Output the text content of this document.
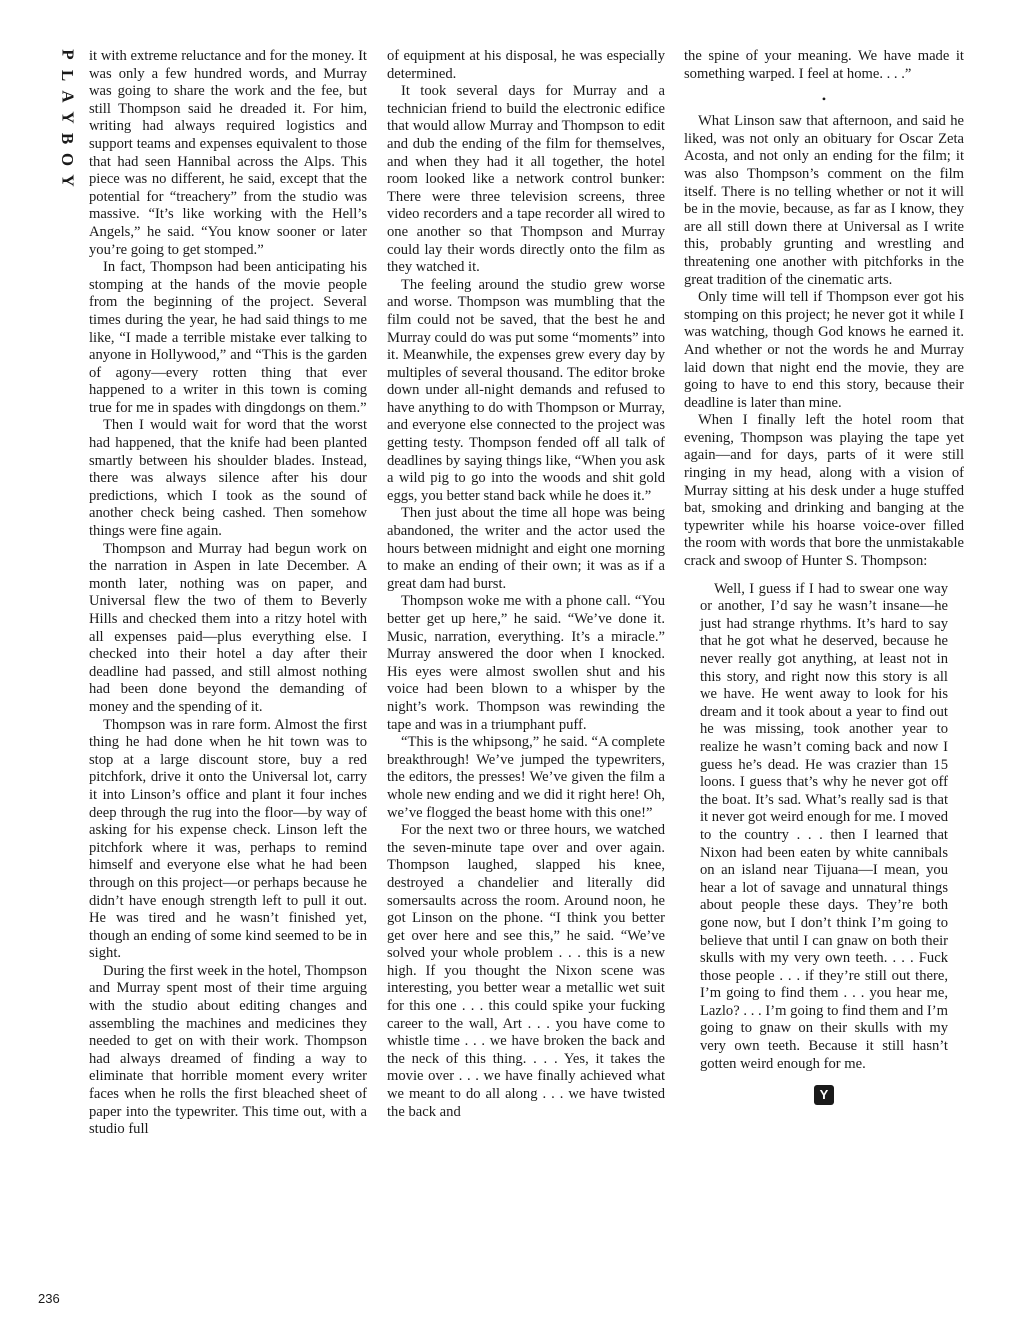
P
L
A
Y
B
O
Y
236

it with extreme reluctance and for the money. It was only a few hundred words, and Murray was going to share the work and the fee, but still Thompson said he dreaded it. For him, writing had always required logistics and support teams and expenses equivalent to those that had seen Hannibal across the Alps. This piece was no different, he said, except that the potential for “treachery” from the studio was massive. “It’s like working with the Hell’s Angels,” he said. “You know sooner or later you’re going to get stomped.”

In fact, Thompson had been anticipating his stomping at the hands of the movie people from the beginning of the project. Several times during the year, he had said things to me like, “I made a terrible mistake ever talking to anyone in Hollywood,” and “This is the garden of agony—every rotten thing that ever happened to a writer in this town is coming true for me in spades with dingdongs on them.”

Then I would wait for word that the worst had happened, that the knife had been planted smartly between his shoulder blades. Instead, there was always silence after his dour predictions, which I took as the sound of another check being cashed. Then somehow things were fine again.

Thompson and Murray had begun work on the narration in Aspen in late December. A month later, nothing was on paper, and Universal flew the two of them to Beverly Hills and checked them into a ritzy hotel with all expenses paid—plus everything else. I checked into their hotel a day after their deadline had passed, and still almost nothing had been done beyond the demanding of money and the spending of it.

Thompson was in rare form. Almost the first thing he had done when he hit town was to stop at a large discount store, buy a red pitchfork, drive it onto the Universal lot, carry it into Linson’s office and plant it four inches deep through the rug into the floor—by way of asking for his expense check. Linson left the pitchfork where it was, perhaps to remind himself and everyone else what he had been through on this project—or perhaps because he didn’t have enough strength left to pull it out. He was tired and he wasn’t finished yet, though an ending of some kind seemed to be in sight.

During the first week in the hotel, Thompson and Murray spent most of their time arguing with the studio about editing changes and assembling the machines and medicines they needed to get on with their work. Thompson had always dreamed of finding a way to eliminate that horrible moment every writer faces when he rolls the first bleached sheet of paper into the typewriter. This time out, with a studio full

of equipment at his disposal, he was especially determined.

It took several days for Murray and a technician friend to build the electronic edifice that would allow Murray and Thompson to edit and dub the ending of the film for themselves, and when they had it all together, the hotel room looked like a network control bunker: There were three television screens, three video recorders and a tape recorder all wired to one another so that Thompson and Murray could lay their words directly onto the film as they watched it.

The feeling around the studio grew worse and worse. Thompson was mumbling that the film could not be saved, that the best he and Murray could do was put some “moments” into it. Meanwhile, the expenses grew every day by multiples of several thousand. The editor broke down under all-night demands and refused to have anything to do with Thompson or Murray, and everyone else connected to the project was getting testy. Thompson fended off all talk of deadlines by saying things like, “When you ask a wild pig to go into the woods and shit gold eggs, you better stand back while he does it.”

Then just about the time all hope was being abandoned, the writer and the actor used the hours between midnight and eight one morning to make an ending of their own; it was as if a great dam had burst.

Thompson woke me with a phone call. “You better get up here,” he said. “We’ve done it. Music, narration, everything. It’s a miracle.” Murray answered the door when I knocked. His eyes were almost swollen shut and his voice had been blown to a whisper by the night’s work. Thompson was rewinding the tape and was in a triumphant puff.

“This is the whipsong,” he said. “A complete breakthrough! We’ve jumped the typewriters, the editors, the presses! We’ve given the film a whole new ending and we did it right here! Oh, we’ve flogged the beast home with this one!”

For the next two or three hours, we watched the seven-minute tape over and over again. Thompson laughed, slapped his knee, destroyed a chandelier and literally did somersaults across the room. Around noon, he got Linson on the phone. “I think you better get over here and see this,” he said. “We’ve solved your whole problem . . . this is a new high. If you thought the Nixon scene was interesting, you better wear a metallic wet suit for this one . . . this could spike your fucking career to the wall, Art . . . you have come to whistle time . . . we have broken the back and the neck of this thing. . . . Yes, it takes the movie over . . . we have finally achieved what we meant to do all along . . . we have twisted the back and

the spine of your meaning. We have made it something warped. I feel at home. . . .”

•

What Linson saw that afternoon, and said he liked, was not only an obituary for Oscar Zeta Acosta, and not only an ending for the film; it was also Thompson’s comment on the film itself. There is no telling whether or not it will be in the movie, because, as far as I know, they are all still down there at Universal as I write this, probably grunting and wrestling and threatening one another with pitchforks in the great tradition of the cinematic arts.

Only time will tell if Thompson ever got his stomping on this project; he never got it while I was watching, though God knows he earned it. And whether or not the words he and Murray laid down that night end the movie, they are going to have to end this story, because their deadline is later than mine.

When I finally left the hotel room that evening, Thompson was playing the tape yet again—and for days, parts of it were still ringing in my head, along with a vision of Murray sitting at his desk under a huge stuffed bat, smoking and drinking and banging at the typewriter while his hoarse voice-over filled the room with words that bore the unmistakable crack and swoop of Hunter S. Thompson:

Well, I guess if I had to swear one way or another, I’d say he wasn’t insane—he just had strange rhythms. It’s hard to say that he got what he deserved, because he never really got anything, at least not in this story, and right now this story is all we have. He went away to look for his dream and it took about a year to find out he was missing, took another year to realize he wasn’t coming back and now I guess he’s dead. He was crazier than 15 loons. I guess that’s why he never got off the boat. It’s sad. What’s really sad is that it never got weird enough for me. I moved to the country . . . then I learned that Nixon had been eaten by white cannibals on an island near Tijuana—I mean, you hear a lot of savage and unnatural things about people these days. They’re both gone now, but I don’t think I’m going to believe that until I can gnaw on both their skulls with my very own teeth. . . . Fuck those people . . . if they’re still out there, I’m going to find them . . . you hear me, Lazlo? . . . I’m going to find them and I’m going to gnaw on their skulls with my very own teeth. Because it still hasn’t gotten weird enough for me.

Y
